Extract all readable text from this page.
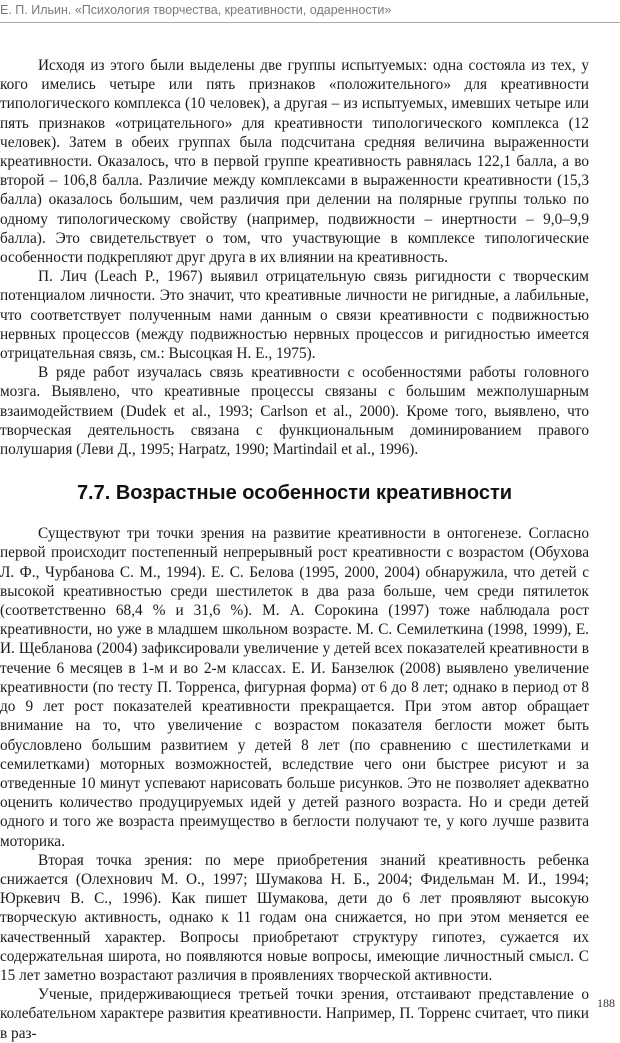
Е. П. Ильин. «Психология творчества, креативности, одаренности»

Исходя из этого были выделены две группы испытуемых: одна состояла из тех, у кого имелись четыре или пять признаков «положительного» для креативности типологического комплекса (10 человек), а другая – из испытуемых, имевших четыре или пять признаков «отрицательного» для креативности типологического комплекса (12 человек). Затем в обеих группах была подсчитана средняя величина выраженности креативности. Оказалось, что в первой группе креативность равнялась 122,1 балла, а во второй – 106,8 балла. Различие между комплексами в выраженности креативности (15,3 балла) оказалось большим, чем различия при делении на полярные группы только по одному типологическому свойству (например, подвижности – инертности – 9,0–9,9 балла). Это свидетельствует о том, что участвующие в комплексе типологические особенности подкрепляют друг друга в их влиянии на креативность.

П. Лич (Leach P., 1967) выявил отрицательную связь ригидности с творческим потенциалом личности. Это значит, что креативные личности не ригидные, а лабильные, что соответствует полученным нами данным о связи креативности с подвижностью нервных процессов (между подвижностью нервных процессов и ригидностью имеется отрицательная связь, см.: Высоцкая Н. Е., 1975).

В ряде работ изучалась связь креативности с особенностями работы головного мозга. Выявлено, что креативные процессы связаны с большим межполушарным взаимодействием (Dudek et al., 1993; Carlson et al., 2000). Кроме того, выявлено, что творческая деятельность связана с функциональным доминированием правого полушария (Леви Д., 1995; Harpatz, 1990; Martindail et al., 1996).

7.7. Возрастные особенности креативности

Существуют три точки зрения на развитие креативности в онтогенезе. Согласно первой происходит постепенный непрерывный рост креативности с возрастом (Обухова Л. Ф., Чурбанова С. М., 1994). Е. С. Белова (1995, 2000, 2004) обнаружила, что детей с высокой креативностью среди шестилеток в два раза больше, чем среди пятилеток (соответственно 68,4 % и 31,6 %). М. А. Сорокина (1997) тоже наблюдала рост креативности, но уже в младшем школьном возрасте. М. С. Семилеткина (1998, 1999), Е. И. Щебланова (2004) зафиксировали увеличение у детей всех показателей креативности в течение 6 месяцев в 1-м и во 2-м классах. Е. И. Банзелюк (2008) выявлено увеличение креативности (по тесту П. Торренса, фигурная форма) от 6 до 8 лет; однако в период от 8 до 9 лет рост показателей креативности прекращается. При этом автор обращает внимание на то, что увеличение с возрастом показателя беглости может быть обусловлено большим развитием у детей 8 лет (по сравнению с шестилетками и семилетками) моторных возможностей, вследствие чего они быстрее рисуют и за отведенные 10 минут успевают нарисовать больше рисунков. Это не позволяет адекватно оценить количество продуцируемых идей у детей разного возраста. Но и среди детей одного и того же возраста преимущество в беглости получают те, у кого лучше развита моторика.

Вторая точка зрения: по мере приобретения знаний креативность ребенка снижается (Олехнович М. О., 1997; Шумакова Н. Б., 2004; Фидельман М. И., 1994; Юркевич В. С., 1996). Как пишет Шумакова, дети до 6 лет проявляют высокую творческую активность, однако к 11 годам она снижается, но при этом меняется ее качественный характер. Вопросы приобретают структуру гипотез, сужается их содержательная широта, но появляются новые вопросы, имеющие личностный смысл. С 15 лет заметно возрастают различия в проявлениях творческой активности.

Ученые, придерживающиеся третьей точки зрения, отстаивают представление о колебательном характере развития креативности. Например, П. Торренс считает, что пики в раз-

188
